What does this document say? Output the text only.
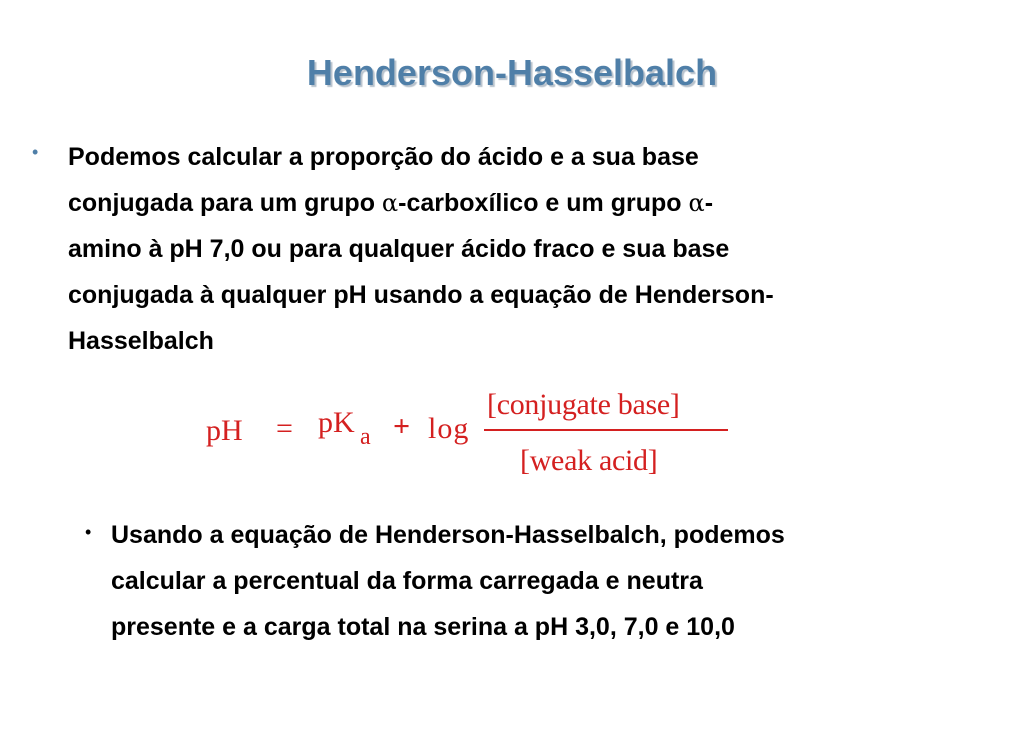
Henderson-Hasselbalch
• Podemos calcular a proporção do ácido e a sua base
conjugada para um grupo α-carboxílico e um grupo α-
amino à pH 7,0 ou para qualquer ácido fraco e sua base
conjugada à qualquer pH usando a equação de Henderson-
Hasselbalch
pH = pK a + log
[conjugate base]
[weak acid]
• Usando a equação de Henderson-Hasselbalch, podemos
calcular a percentual da forma carregada e neutra
presente e a carga total na serina a pH 3,0, 7,0 e 10,0
